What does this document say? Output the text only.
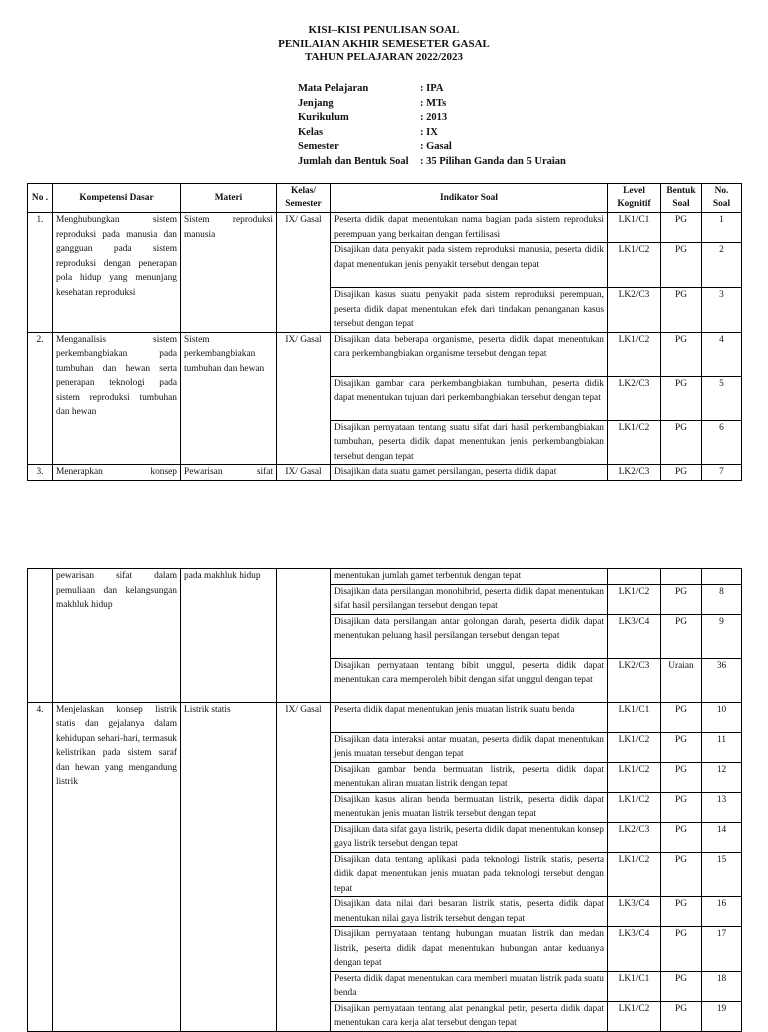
KISI–KISI PENULISAN SOAL
PENILAIAN AKHIR SEMESETER GASAL
TAHUN PELAJARAN 2022/2023
Mata Pelajaran	: IPA
Jenjang	: MTs
Kurikulum	: 2013
Kelas	: IX
Semester	: Gasal
Jumlah dan Bentuk Soal	: 35 Pilihan Ganda dan 5 Uraian
No .	Kompetensi Dasar	Materi	Kelas/ Semester	Indikator Soal	Level Kognitif	Bentuk Soal	No. Soal
1.	Menghubungkan sistem reproduksi pada manusia dan gangguan pada sistem reproduksi dengan penerapan pola hidup yang menunjang kesehatan reproduksi	Sistem reproduksi manusia	IX/ Gasal	Peserta didik dapat menentukan nama bagian pada sistem reproduksi perempuan yang berkaitan dengan fertilisasi	LK1/C1	PG	1
				Disajikan data penyakit pada sistem reproduksi manusia, peserta didik dapat menentukan jenis penyakit tersebut dengan tepat	LK1/C2	PG	2
				Disajikan kasus suatu penyakit pada sistem reproduksi perempuan, peserta didik dapat menentukan efek dari tindakan penanganan kasus tersebut dengan tepat	LK2/C3	PG	3
2.	Menganalisis sistem perkembangbiakan pada tumbuhan dan hewan serta penerapan teknologi pada sistem reproduksi tumbuhan dan hewan	Sistem perkembangbiakan tumbuhan dan hewan	IX/ Gasal	Disajikan data beberapa organisme, peserta didik dapat menentukan cara perkembangbiakan organisme tersebut dengan tepat	LK1/C2	PG	4
				Disajikan gambar cara perkembangbiakan tumbuhan, peserta didik dapat menentukan tujuan dari perkembangbiakan tersebut dengan tepat	LK2/C3	PG	5
				Disajikan pernyataan tentang suatu sifat dari hasil perkembangbiakan tumbuhan, peserta didik dapat menentukan jenis perkembangbiakan tersebut dengan tepat	LK1/C2	PG	6
3.	Menerapkan konsep	Pewarisan sifat	IX/ Gasal	Disajikan data suatu gamet persilangan, peserta didik dapat	LK2/C3	PG	7
	pewarisan sifat dalam pemuliaan dan kelangsungan makhluk hidup	pada makhluk hidup		menentukan jumlah gamet terbentuk dengan tepat			
				Disajikan data persilangan monohibrid, peserta didik dapat menentukan sifat hasil persilangan tersebut dengan tepat	LK1/C2	PG	8
				Disajikan data persilangan antar golongan darah, peserta didik dapat menentukan peluang hasil persilangan tersebut dengan tepat	LK3/C4	PG	9
				Disajikan pernyataan tentang bibit unggul, peserta didik dapat menentukan cara memperoleh bibit dengan sifat unggul dengan tepat	LK2/C3	Uraian	36
4.	Menjelaskan konsep listrik statis dan gejalanya dalam kehidupan sehari-hari, termasuk kelistrikan pada sistem saraf dan hewan yang mengandung listrik	Listrik statis	IX/ Gasal	Peserta didik dapat menentukan jenis muatan listrik suatu benda	LK1/C1	PG	10
				Disajikan data interaksi antar muatan, peserta didik dapat menentukan jenis muatan tersebut dengan tepat	LK1/C2	PG	11
				Disajikan gambar benda bermuatan listrik, peserta didik dapat menentukan aliran muatan listrik dengan tepat	LK1/C2	PG	12
				Disajikan kasus aliran benda bermuatan listrik, peserta didik dapat menentukan jenis muatan listrik tersebut dengan tepat	LK1/C2	PG	13
				Disajikan data sifat gaya listrik, peserta didik dapat menentukan konsep gaya listrik tersebut dengan tepat	LK2/C3	PG	14
				Disajikan data tentang aplikasi pada teknologi listrik statis, peserta didik dapat menentukan jenis muatan pada teknologi tersebut dengan tepat	LK1/C2	PG	15
				Disajikan data nilai dari besaran listrik statis, peserta didik dapat menentukan nilai gaya listrik tersebut dengan tepat	LK3/C4	PG	16
				Disajikan pernyataan tentang hubungan muatan listrik dan medan listrik, peserta didik dapat menentukan hubungan antar keduanya dengan tepat	LK3/C4	PG	17
				Peserta didik dapat menentukan cara memberi muatan listrik pada suatu benda	LK1/C1	PG	18
				Disajikan pernyataan tentang alat penangkal petir, peserta didik dapat menentukan cara kerja alat tersebut dengan tepat	LK1/C2	PG	19
